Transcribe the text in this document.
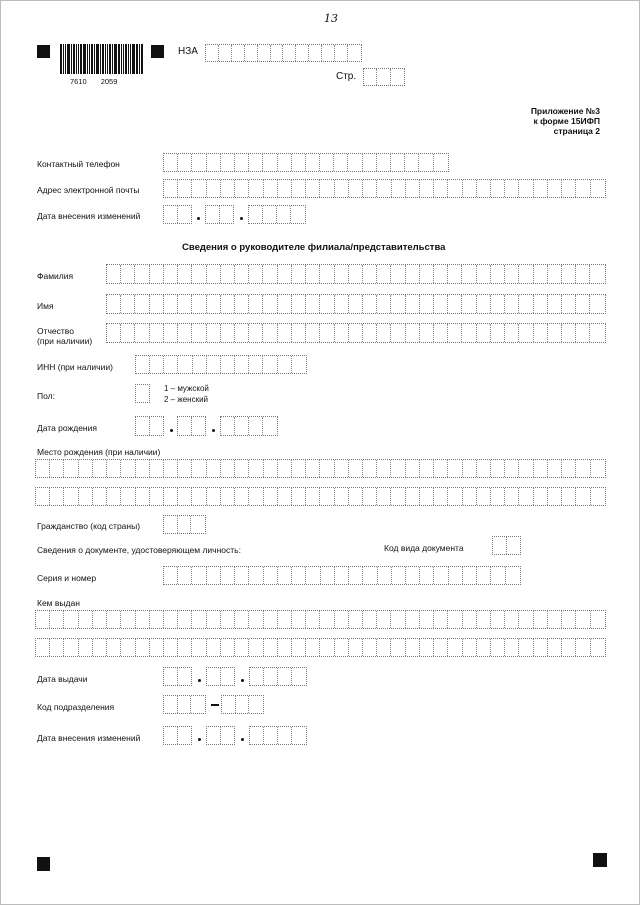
13
7610 2059
НЗА
Стр.
Приложение №3
к форме 15ИФП
страница 2
Контактный телефон
Адрес электронной почты
Дата внесения изменений
Сведения о руководителе филиала/представительства
Фамилия
Имя
Отчество
(при наличии)
ИНН (при наличии)
Пол:
1 – мужской
2 – женский
Дата рождения
Место рождения (при наличии)
Гражданство (код страны)
Сведения о документе, удостоверяющем личность:	Код вида документа
Серия и номер
Кем выдан
Дата выдачи
Код подразделения
Дата внесения изменений
